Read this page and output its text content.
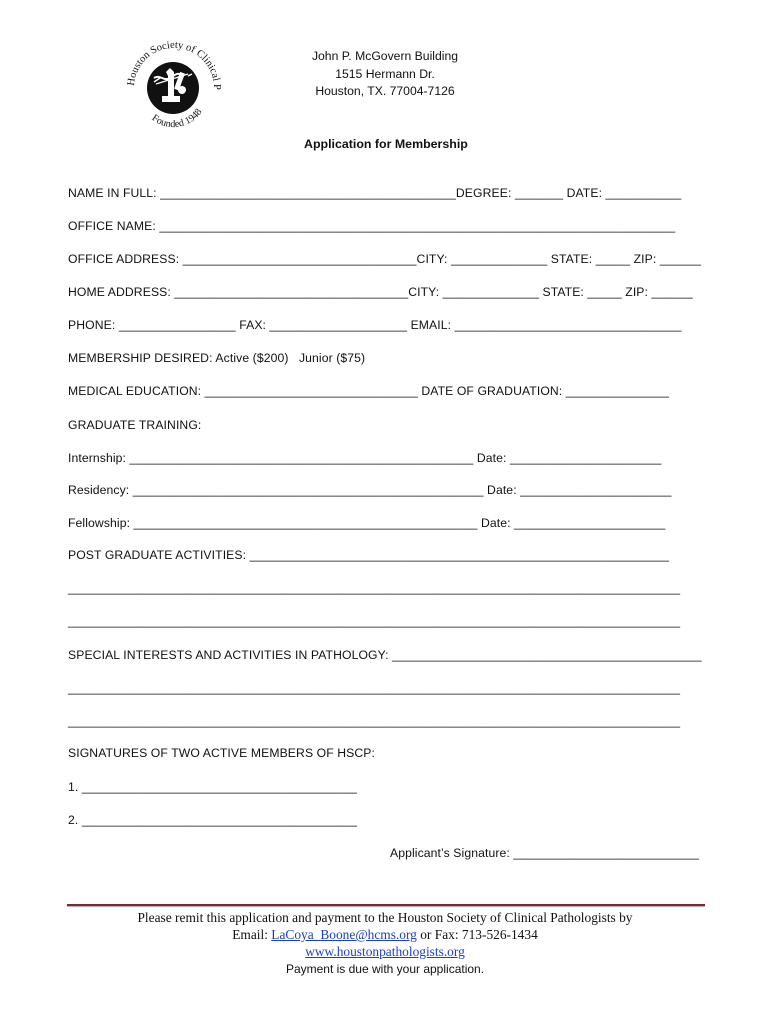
Houston Society of Clinical P
Founded 1948
John P. McGovern Building
1515 Hermann Dr.
Houston, TX. 77004-7126
Application for Membership
NAME IN FULL: ___________________________________________DEGREE: _______ DATE: ___________
OFFICE NAME: ___________________________________________________________________________
OFFICE ADDRESS: __________________________________CITY: ______________ STATE: _____ ZIP: ______
HOME ADDRESS: __________________________________CITY: ______________ STATE: _____ ZIP: ______
PHONE: _________________ FAX: ____________________ EMAIL: _________________________________
MEMBERSHIP DESIRED: Active ($200) Junior ($75)
MEDICAL EDUCATION: _______________________________ DATE OF GRADUATION: _______________
GRADUATE TRAINING:
Internship: __________________________________________________ Date: ______________________
Residency: ___________________________________________________ Date: ______________________
Fellowship: __________________________________________________ Date: ______________________
POST GRADUATE ACTIVITIES: _____________________________________________________________
_________________________________________________________________________________________
_________________________________________________________________________________________
SPECIAL INTERESTS AND ACTIVITIES IN PATHOLOGY: _____________________________________________
_________________________________________________________________________________________
_________________________________________________________________________________________
SIGNATURES OF TWO ACTIVE MEMBERS OF HSCP:
1. ________________________________________
2. ________________________________________
Applicant’s Signature: ___________________________
Please remit this application and payment to the Houston Society of Clinical Pathologists by
Email: LaCoya_Boone@hcms.org or Fax: 713-526-1434
www.houstonpathologists.org
Payment is due with your application.
